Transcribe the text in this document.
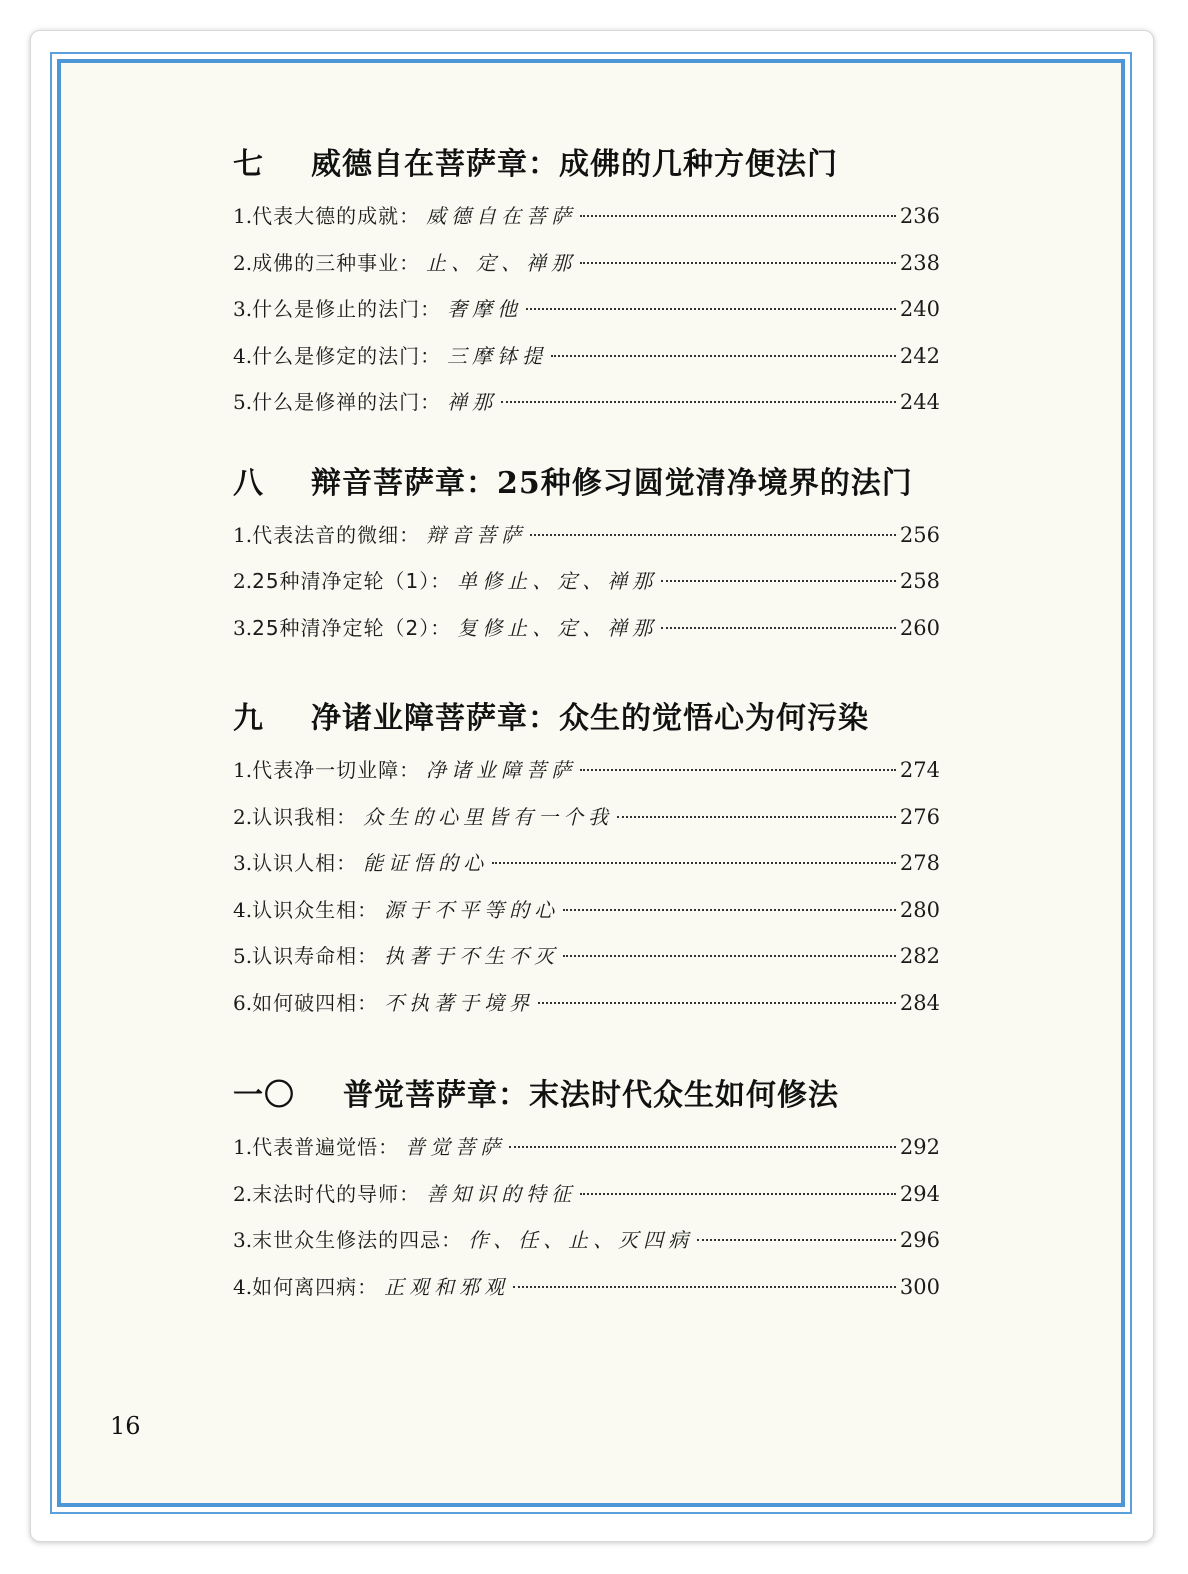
七	威德自在菩萨章：成佛的几种方便法门
1. 代表大德的成就： 威德自在菩萨	236
2. 成佛的三种事业： 止、定、禅那	238
3. 什么是修止的法门： 奢摩他	240
4. 什么是修定的法门： 三摩钵提	242
5. 什么是修禅的法门： 禅那	244
八	辩音菩萨章：25种修习圆觉清净境界的法门
1. 代表法音的微细： 辩音菩萨	256
2. 25种清净定轮（1）： 单修止、定、禅那	258
3. 25种清净定轮（2）： 复修止、定、禅那	260
九	净诸业障菩萨章：众生的觉悟心为何污染
1. 代表净一切业障： 净诸业障菩萨	274
2. 认识我相： 众生的心里皆有一个我	276
3. 认识人相： 能证悟的心	278
4. 认识众生相： 源于不平等的心	280
5. 认识寿命相： 执著于不生不灭	282
6. 如何破四相： 不执著于境界	284
一〇	普觉菩萨章：末法时代众生如何修法
1. 代表普遍觉悟： 普觉菩萨	292
2. 末法时代的导师： 善知识的特征	294
3. 末世众生修法的四忌： 作、任、止、灭四病	296
4. 如何离四病： 正观和邪观	300
16
